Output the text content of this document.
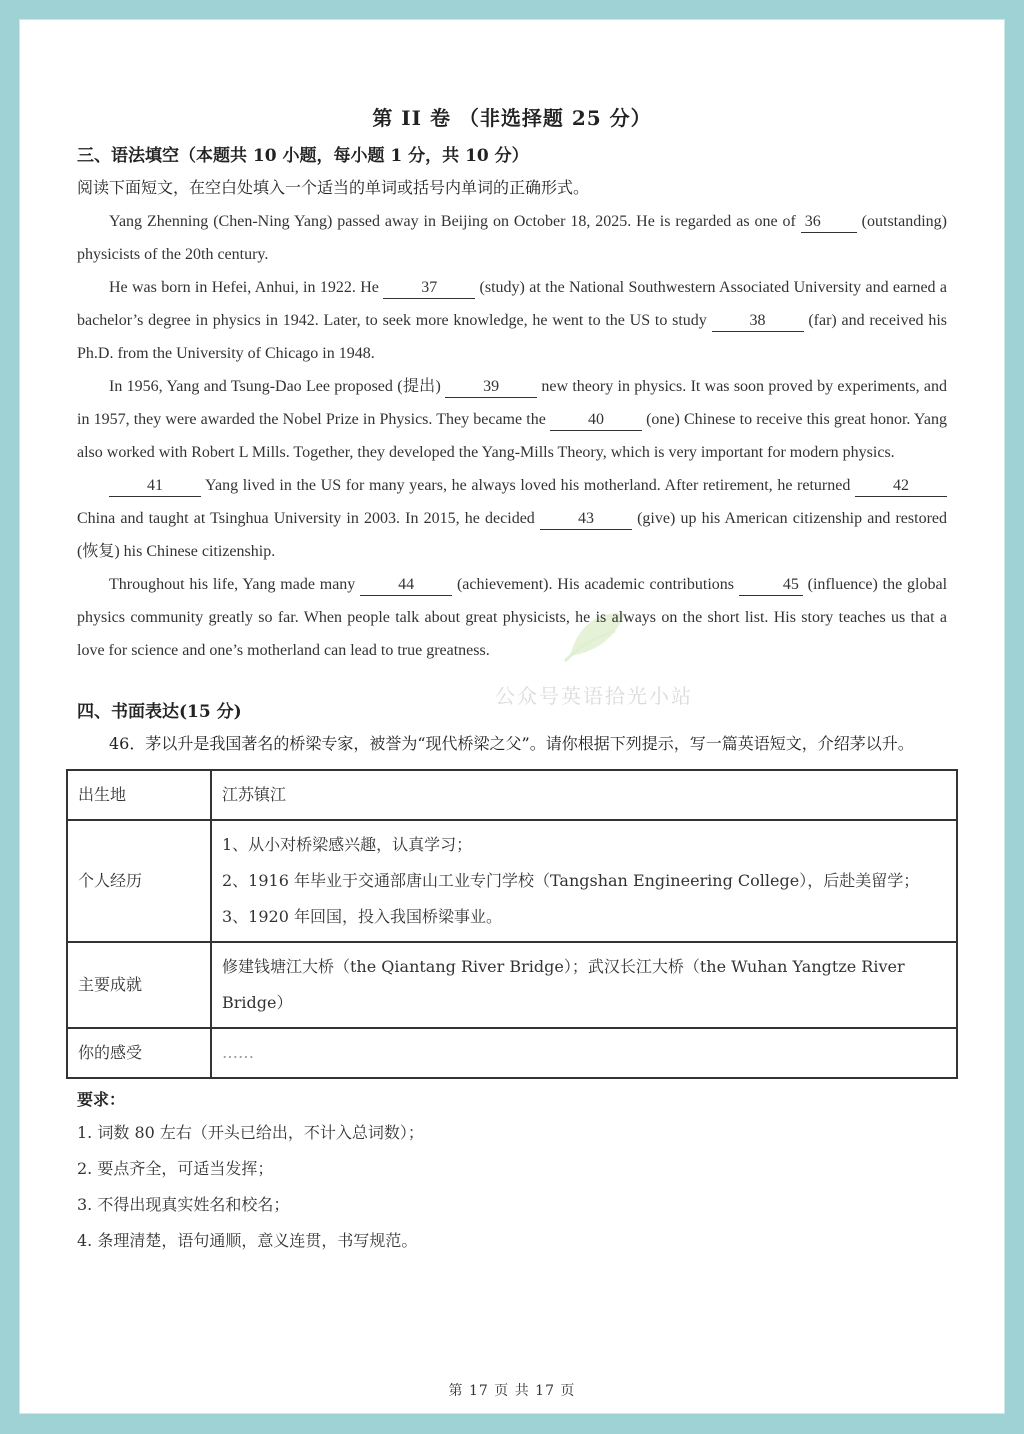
公众号英语拾光小站
第 II 卷 （非选择题 25 分）

三、语法填空（本题共 10 小题，每小题 1 分，共 10 分）

阅读下面短文，在空白处填入一个适当的单词或括号内单词的正确形式。

Yang Zhenning (Chen-Ning Yang) passed away in Beijing on October 18, 2025. He is regarded as one of 36 (outstanding) physicists of the 20th century.

He was born in Hefei, Anhui, in 1922. He 37 (study) at the National Southwestern Associated University and earned a bachelor’s degree in physics in 1942. Later, to seek more knowledge, he went to the US to study 38 (far) and received his Ph.D. from the University of Chicago in 1948.

In 1956, Yang and Tsung-Dao Lee proposed (提出) 39 new theory in physics. It was soon proved by experiments, and in 1957, they were awarded the Nobel Prize in Physics. They became the 40 (one) Chinese to receive this great honor. Yang also worked with Robert L Mills. Together, they developed the Yang-Mills Theory, which is very important for modern physics.

41 Yang lived in the US for many years, he always loved his motherland. After retirement, he returned 42 China and taught at Tsinghua University in 2003. In 2015, he decided 43 (give) up his American citizenship and restored (恢复) his Chinese citizenship.

Throughout his life, Yang made many 44 (achievement). His academic contributions	45 (influence) the global physics community greatly so far. When people talk about great physicists, he is always on the short list. His story teaches us that a love for science and one’s motherland can lead to true greatness.

四、书面表达(15 分)

46．茅以升是我国著名的桥梁专家，被誉为“现代桥梁之父”。请你根据下列提示，写一篇英语短文，介绍茅以升。

出生地	江苏镇江

个人经历	1、从小对桥梁感兴趣，认真学习；
2、1916 年毕业于交通部唐山工业专门学校（Tangshan Engineering College），后赴美留学；
3、1920 年回国，投入我国桥梁事业。

主要成就	修建钱塘江大桥（the Qiantang River Bridge）；武汉长江大桥（the Wuhan Yangtze River Bridge）

你的感受	……

要求：

1. 词数 80 左右（开头已给出，不计入总词数）；

2. 要点齐全，可适当发挥；

3. 不得出现真实姓名和校名；

4. 条理清楚，语句通顺，意义连贯，书写规范。

第 17 页 共 17 页
